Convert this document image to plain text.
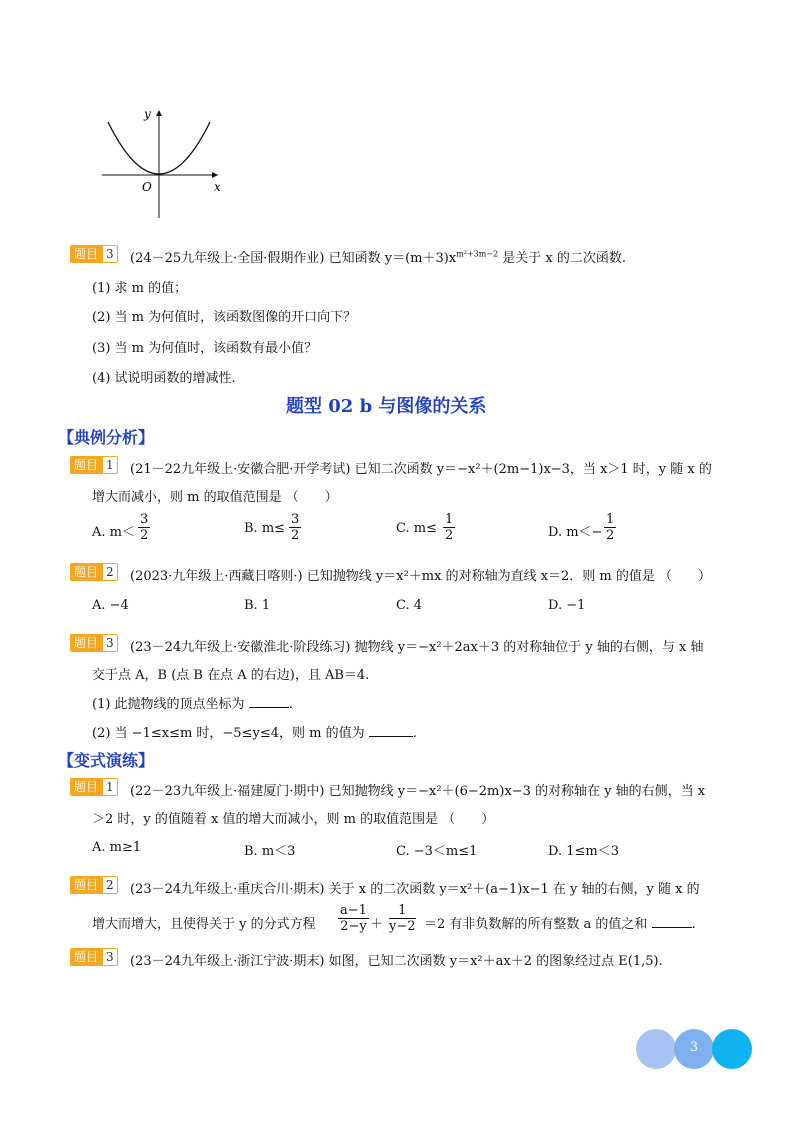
y
x
O
题目 3	(24－25九年级上·全国·假期作业) 已知函数 $y=(m+3)x^{m^2+3m-2}$ 是关于 x 的二次函数.
(1) 求 m 的值；
(2) 当 m 为何值时，该函数图像的开口向下？
(3) 当 m 为何值时，该函数有最小值？
(4) 试说明函数的增减性.
题型 02 b 与图像的关系
【典例分析】
题目 1	(21－22九年级上·安徽合肥·开学考试) 已知二次函数 y＝−x²＋(2m−1)x−3，当 x＞1 时，y 随 x 的
增大而减小，则 m 的取值范围是 （　　）
A. $m< \frac{3}{2}$	B. $m\le \frac{3}{2}$	C. $m\le \frac{1}{2}$	D. $m<- \frac{1}{2}$
题目 2	(2023·九年级上·西藏日喀则·) 已知抛物线 y＝x²＋mx 的对称轴为直线 x＝2．则 m 的值是 （　　）
A. −4	B. 1	C. 4	D. −1
题目 3	(23－24九年级上·安徽淮北·阶段练习) 抛物线 y＝−x²＋2ax＋3 的对称轴位于 y 轴的右侧，与 x 轴
交于点 A，B (点 B 在点 A 的右边)，且 AB＝4.
(1) 此抛物线的顶点坐标为	.
(2) 当 −1≤x≤m 时，−5≤y≤4，则 m 的值为	.
【变式演练】
题目 1	(22－23九年级上·福建厦门·期中) 已知抛物线 y＝−x²＋(6−2m)x−3 的对称轴在 y 轴的右侧，当 x
＞2 时，y 的值随着 x 值的增大而减小，则 m 的取值范围是 （　　）
A. m≥1	B. m＜3	C. −3＜m≤1	D. 1≤m＜3
题目 2	(23－24九年级上·重庆合川·期末) 关于 x 的二次函数 y＝x²＋(a−1)x−1 在 y 轴的右侧，y 随 x 的
增大而增大，且使得关于 y 的分式方程 $\frac{a-1}{2-y} + \frac{1}{y-2} =2$ 有非负数解的所有整数 a 的值之和	.
题目 3	(23－24九年级上·浙江宁波·期末) 如图，已知二次函数 y＝x²＋ax＋2 的图象经过点 E(1,5).
3
